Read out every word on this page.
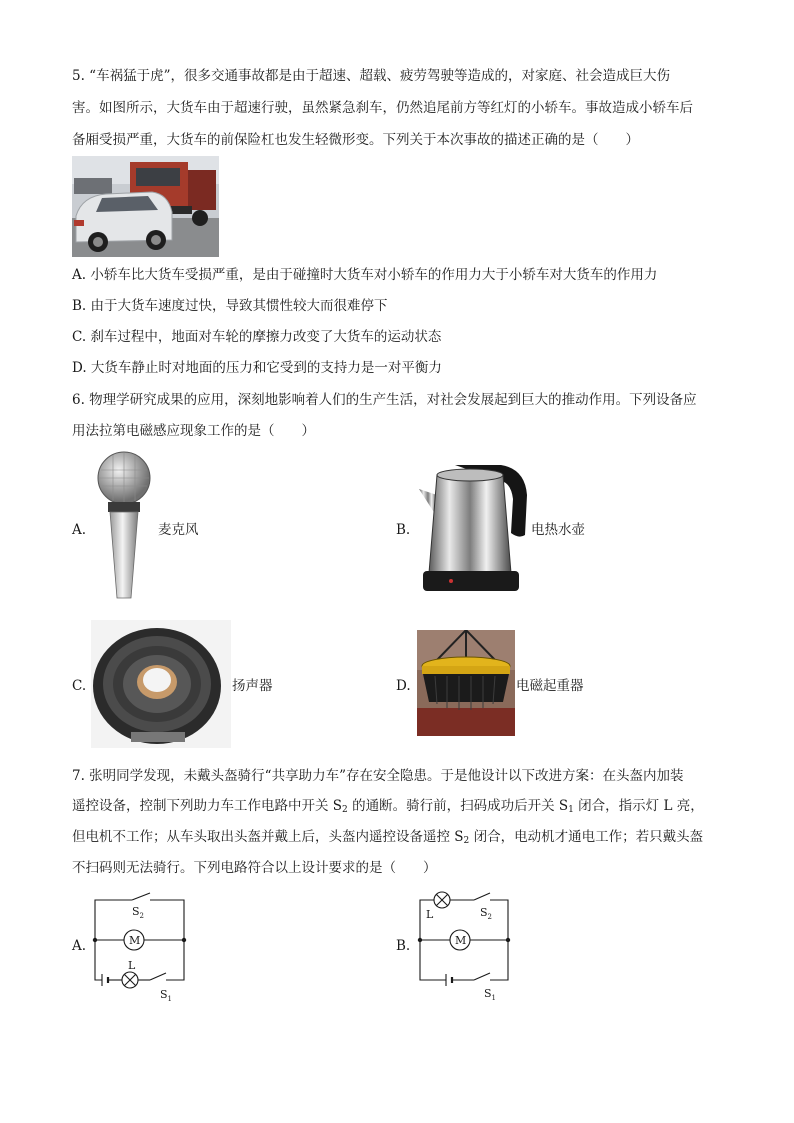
5. “车祸猛于虎”，很多交通事故都是由于超速、超载、疲劳驾驶等造成的，对家庭、社会造成巨大伤
害。如图所示，大货车由于超速行驶，虽然紧急刹车，仍然追尾前方等红灯的小轿车。事故造成小轿车后
备厢受损严重，大货车的前保险杠也发生轻微形变。下列关于本次事故的描述正确的是（　　）
A. 小轿车比大货车受损严重，是由于碰撞时大货车对小轿车的作用力大于小轿车对大货车的作用力
B. 由于大货车速度过快，导致其惯性较大而很难停下
C. 刹车过程中，地面对车轮的摩擦力改变了大货车的运动状态
D. 大货车静止时对地面的压力和它受到的支持力是一对平衡力
6. 物理学研究成果的应用，深刻地影响着人们的生产生活，对社会发展起到巨大的推动作用。下列设备应
用法拉第电磁感应现象工作的是（　　）
A.	麦克风	B.	电热水壶
C.	扬声器	D.	电磁起重器
7. 张明同学发现，未戴头盔骑行“共享助力车”存在安全隐患。于是他设计以下改进方案：在头盔内加装
遥控设备，控制下列助力车工作电路中开关 $S_2$ 的通断。骑行前，扫码成功后开关 $S_1$ 闭合，指示灯 L 亮，
但电机不工作；从车头取出头盔并戴上后，头盔内遥控设备遥控 $S_2$ 闭合，电动机才通电工作；若只戴头盔
不扫码则无法骑行。下列电路符合以上设计要求的是（　　）
A.
$S_2$
M
L
$S_1$
B.
L	$S_2$
M
$S_1$
